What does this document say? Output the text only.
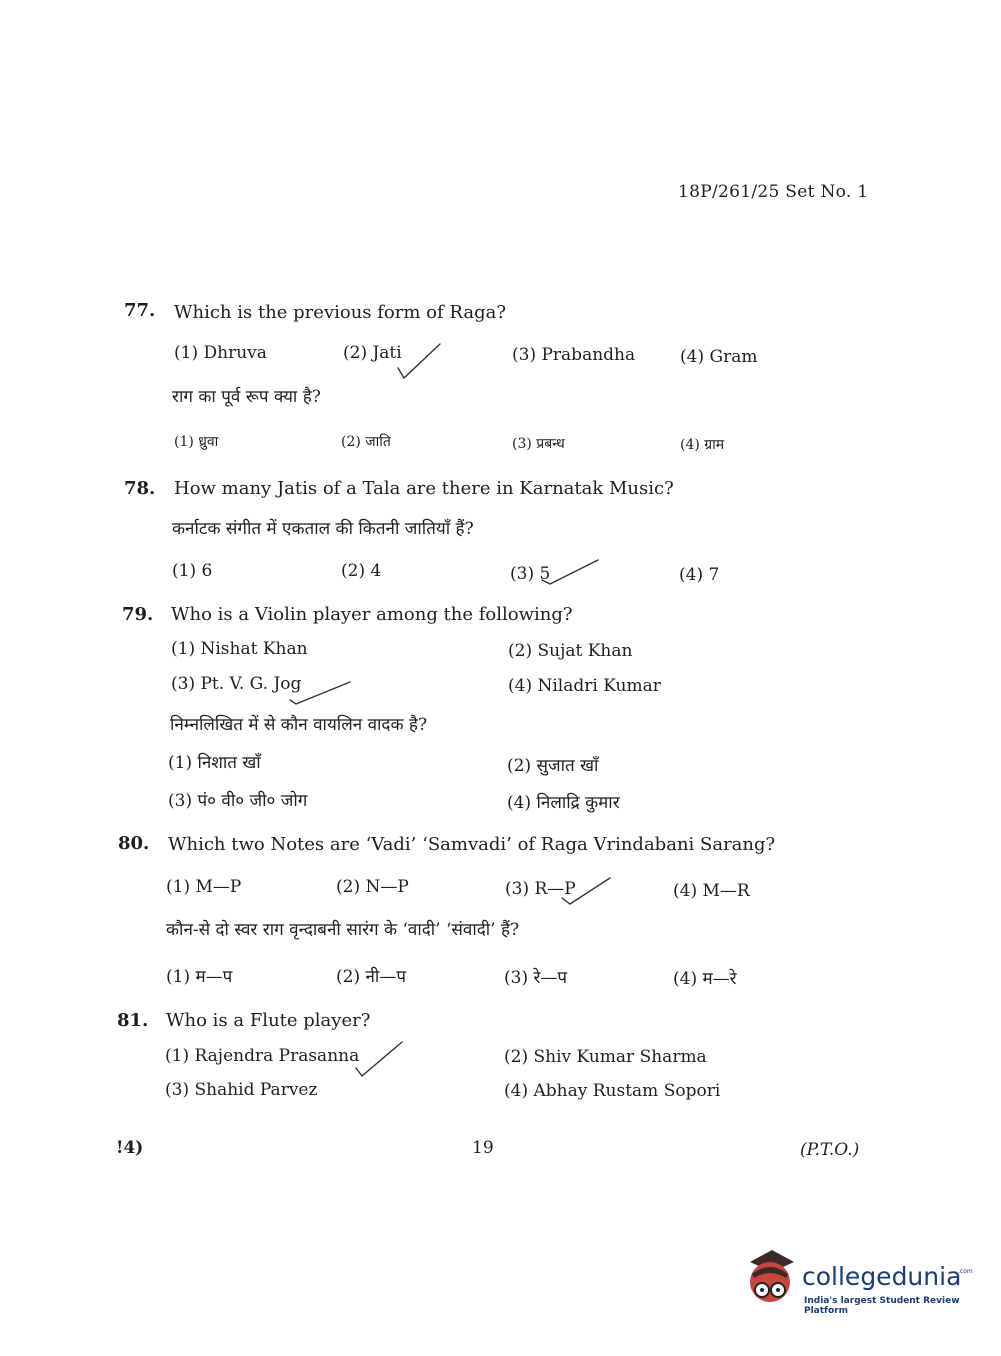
18P/261/25 Set No. 1
77. Which is the previous form of Raga?
(1) Dhruva	(2) Jati	(3) Prabandha	(4) Gram
राग का पूर्व रूप क्या है?
(1) ध्रुवा	(2) जाति	(3) प्रबन्ध	(4) ग्राम
78. How many Jatis of a Tala are there in Karnatak Music?
कर्नाटक संगीत में एकताल की कितनी जातियाँ हैं?
(1) 6	(2) 4	(3) 5	(4) 7
79. Who is a Violin player among the following?
(1) Nishat Khan	(2) Sujat Khan
(3) Pt. V. G. Jog	(4) Niladri Kumar
निम्नलिखित में से कौन वायलिन वादक है?
(1) निशात खाँ	(2) सुजात खाँ
(3) पं० वी० जी० जोग	(4) निलाद्रि कुमार
80. Which two Notes are ‘Vadi’ ‘Samvadi’ of Raga Vrindabani Sarang?
(1) M—P	(2) N—P	(3) R—P	(4) M—R
कौन-से दो स्वर राग वृन्दाबनी सारंग के ‘वादी’ ‘संवादी’ हैं?
(1) म—प	(2) नी—प	(3) रे—प	(4) म—रे
81. Who is a Flute player?
(1) Rajendra Prasanna	(2) Shiv Kumar Sharma
(3) Shahid Parvez	(4) Abhay Rustam Sopori
!4)	19	(P.T.O.)
collegedunia
.com
India's largest Student Review Platform
